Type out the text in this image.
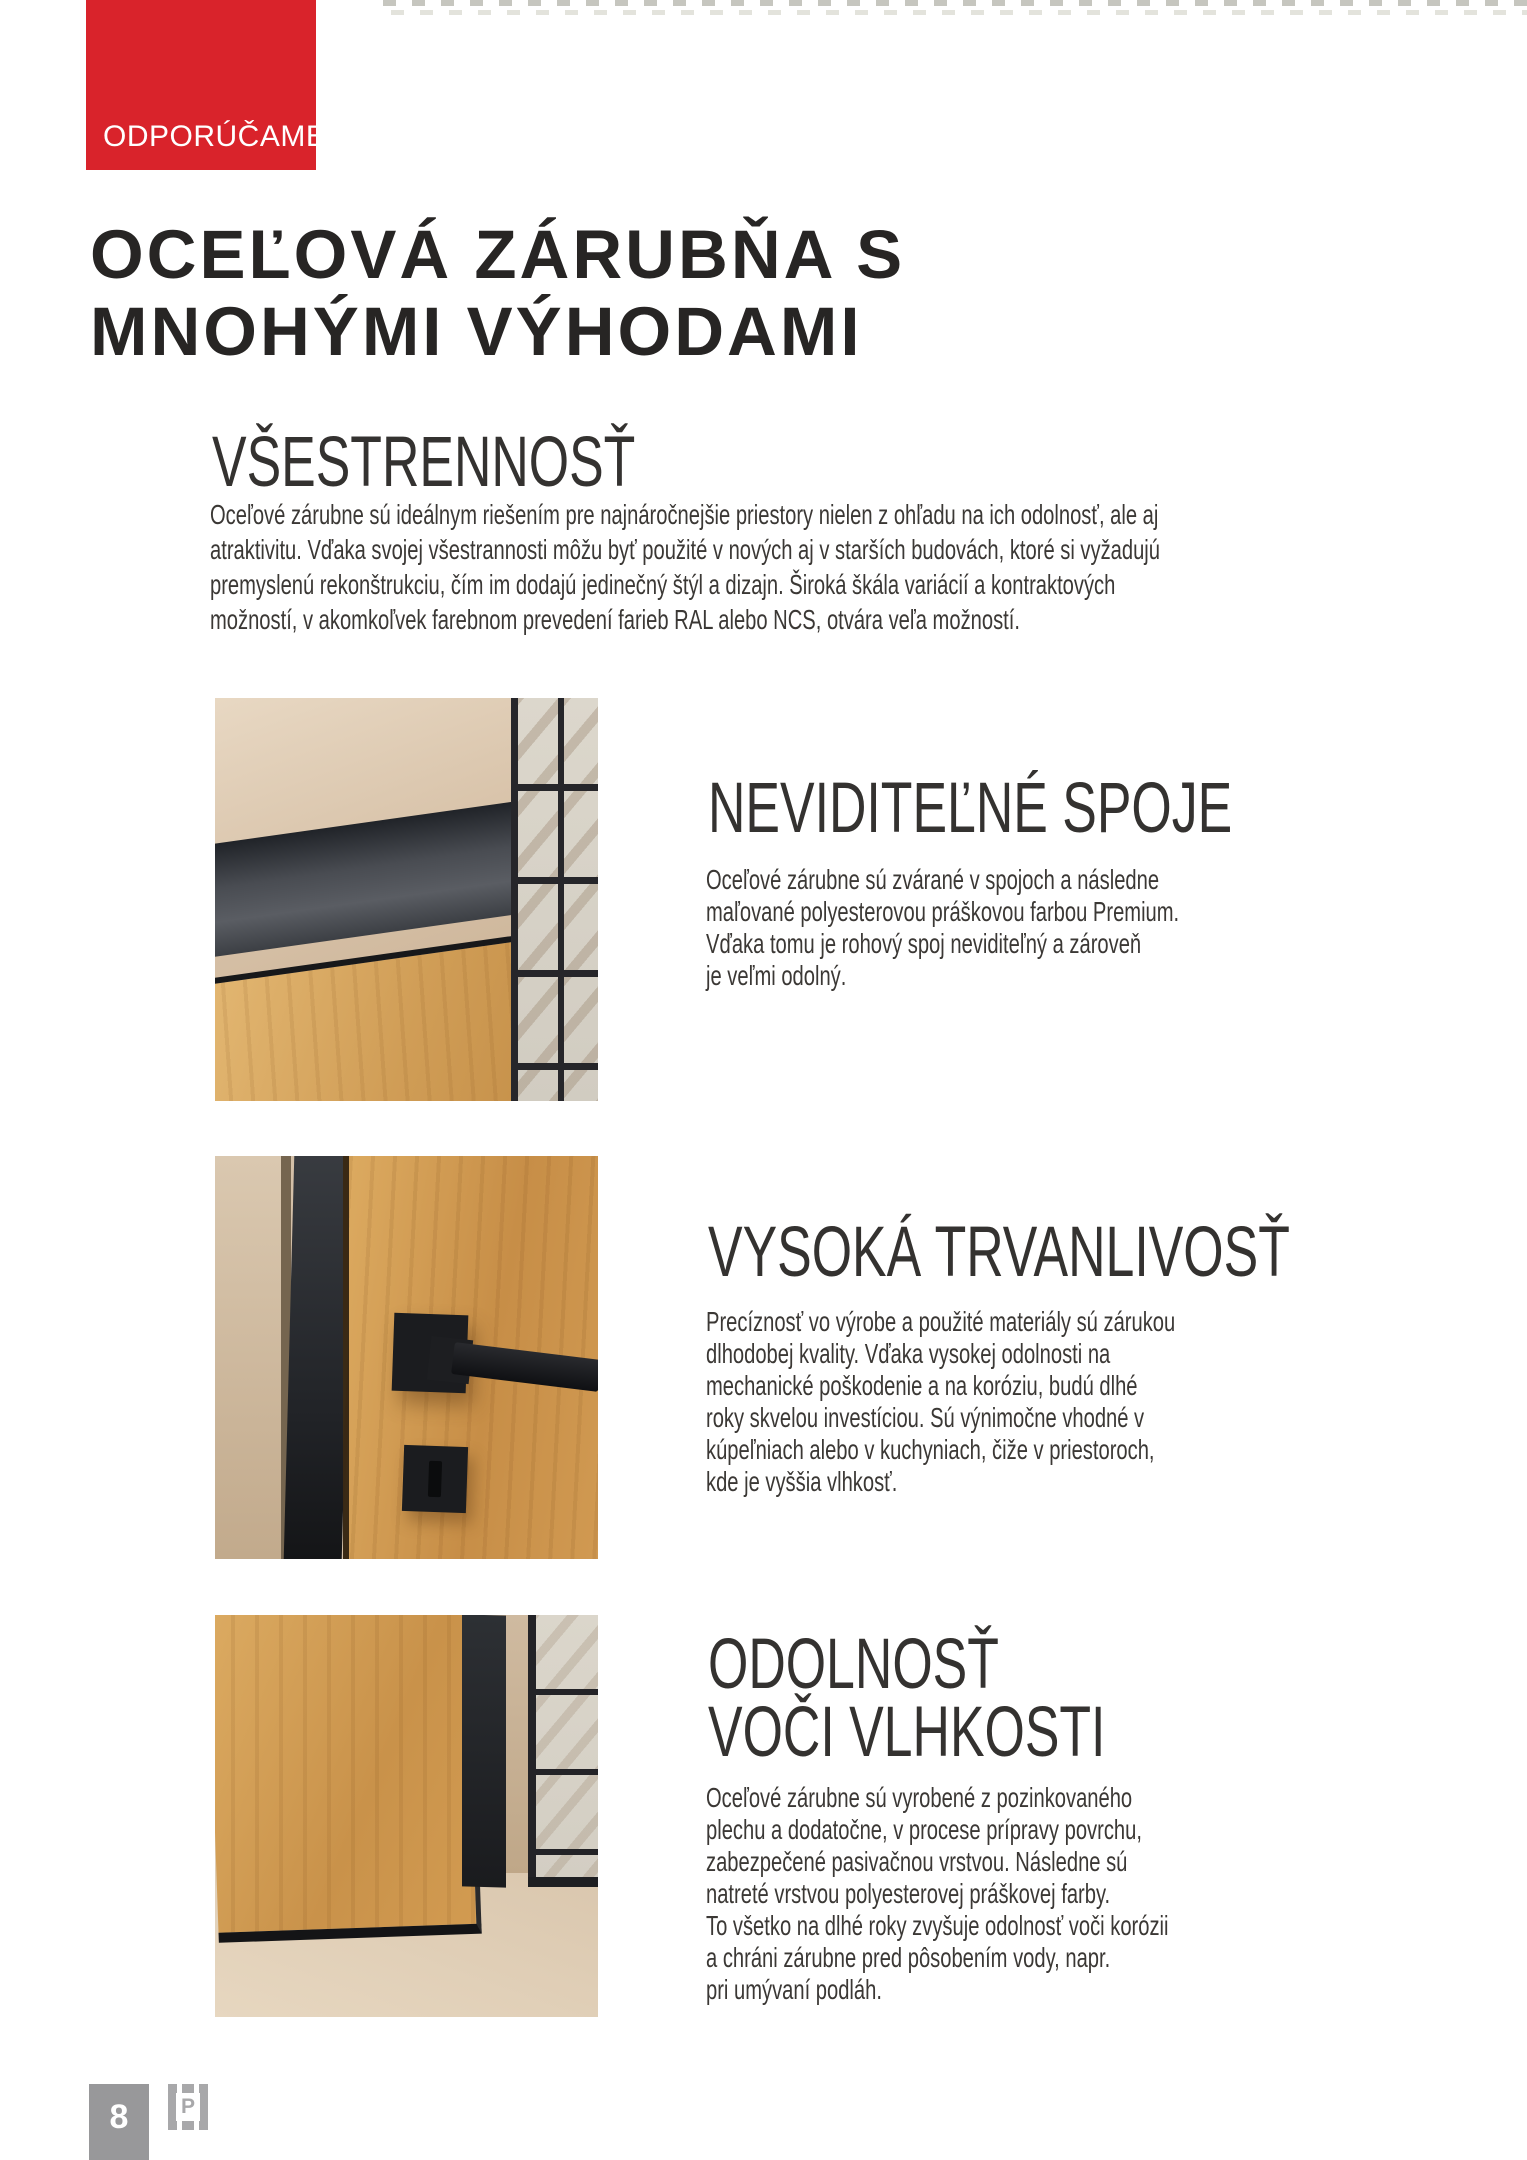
ODPORÚČAME
OCEĽOVÁ ZÁRUBŇA S
MNOHÝMI VÝHODAMI
VŠESTRENNOSŤ
Oceľové zárubne sú ideálnym riešením pre najnáročnejšie priestory nielen z ohľadu na ich odolnosť, ale aj
atraktivitu. Vďaka svojej všestrannosti môžu byť použité v nových aj v starších budovách, ktoré si vyžadujú
premyslenú rekonštrukciu, čím im dodajú jedinečný štýl a dizajn. Široká škála variácií a kontraktových
možností, v akomkoľvek farebnom prevedení farieb RAL alebo NCS, otvára veľa možností.
NEVIDITEĽNÉ SPOJE
Oceľové zárubne sú zvárané v spojoch a následne
maľované polyesterovou práškovou farbou Premium.
Vďaka tomu je rohový spoj neviditeľný a zároveň
je veľmi odolný.
VYSOKÁ TRVANLIVOSŤ
Precíznosť vo výrobe a použité materiály sú zárukou
dlhodobej kvality. Vďaka vysokej odolnosti na
mechanické poškodenie a na koróziu, budú dlhé
roky skvelou investíciou. Sú výnimočne vhodné v
kúpeľniach alebo v kuchyniach, čiže v priestoroch,
kde je vyššia vlhkosť.
ODOLNOSŤ
VOČI VLHKOSTI
Oceľové zárubne sú vyrobené z pozinkovaného
plechu a dodatočne, v procese prípravy povrchu,
zabezpečené pasivačnou vrstvou. Následne sú
natreté vrstvou polyesterovej práškovej farby.
To všetko na dlhé roky zvyšuje odolnosť voči korózii
a chráni zárubne pred pôsobením vody, napr.
pri umývaní podláh.
8	P
